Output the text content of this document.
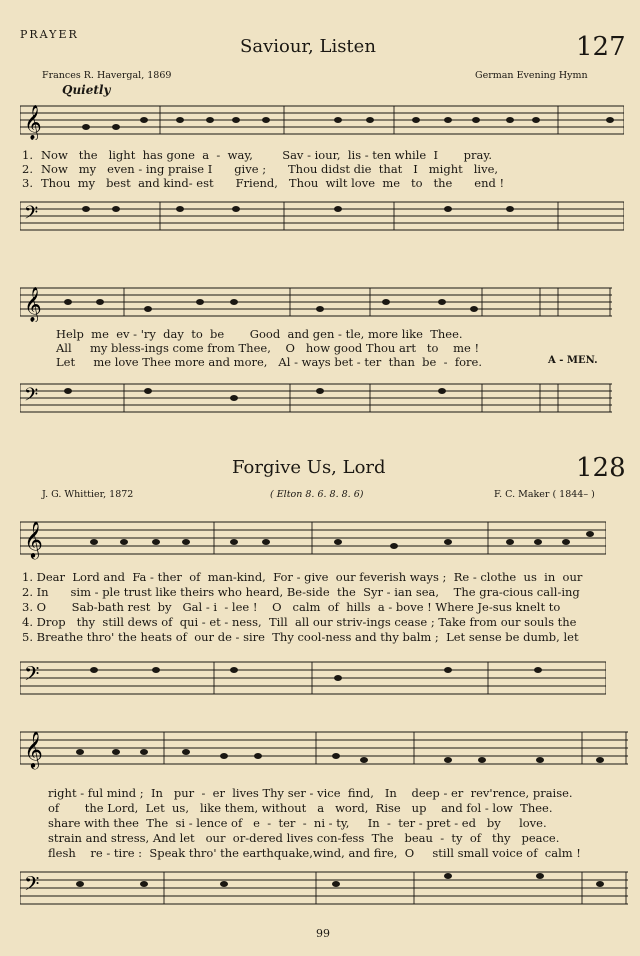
PRAYER
Saviour, Listen	127
Frances R. Havergal, 1869	German Evening Hymn
Quietly
𝄞
𝄢
1. Now   the   light  has gone  a  -  way,        Sav - iour,  lis - ten while  I       pray.
2. Now   my   even - ing praise I      give ;      Thou didst die  that   I   might   live,
3. Thou  my   best  and kind- est      Friend,   Thou  wilt love  me   to   the      end !
𝄞
𝄢
Help  me  ev - 'ry  day  to  be       Good  and gen - tle, more like  Thee.
All     my bless-ings come from Thee,    O   how good Thou art   to    me !
Let     me love Thee more and more,   Al - ways bet - ter  than  be  -  fore.	A - MEN.
Forgive Us, Lord	128
J. G. Whittier, 1872	( Elton 8. 6. 8. 8. 6)	F. C. Maker ( 1844– )
𝄞
𝄢
1. Dear  Lord and  Fa - ther  of  man-kind,  For - give  our feverish ways ;  Re - clothe  us  in  our
2. In      sim - ple trust like theirs who heard, Be-side  the  Syr - ian sea,    The gra-cious call-ing
3. O       Sab-bath rest  by   Gal - i  - lee !    O   calm  of  hills  a - bove ! Where Je-sus knelt to
4. Drop   thy  still dews of  qui - et - ness,  Till  all our striv-ings cease ; Take from our souls the
5. Breathe thro' the heats of  our de - sire  Thy cool-ness and thy balm ;  Let sense be dumb, let
𝄞
𝄢
right - ful mind ;  In   pur  -  er  lives Thy ser - vice  find,   In    deep - er  rev'rence, praise.
of       the Lord,  Let  us,   like them, without   a   word,  Rise   up    and fol - low  Thee.
share with thee  The  si - lence of   e  -  ter  -  ni - ty,     In  -  ter - pret - ed   by     love.
strain and stress, And let   our  or-dered lives con-fess  The   beau  -  ty  of   thy   peace.
flesh    re - tire :  Speak thro' the earthquake,wind, and fire,  O     still small voice of  calm !
99
